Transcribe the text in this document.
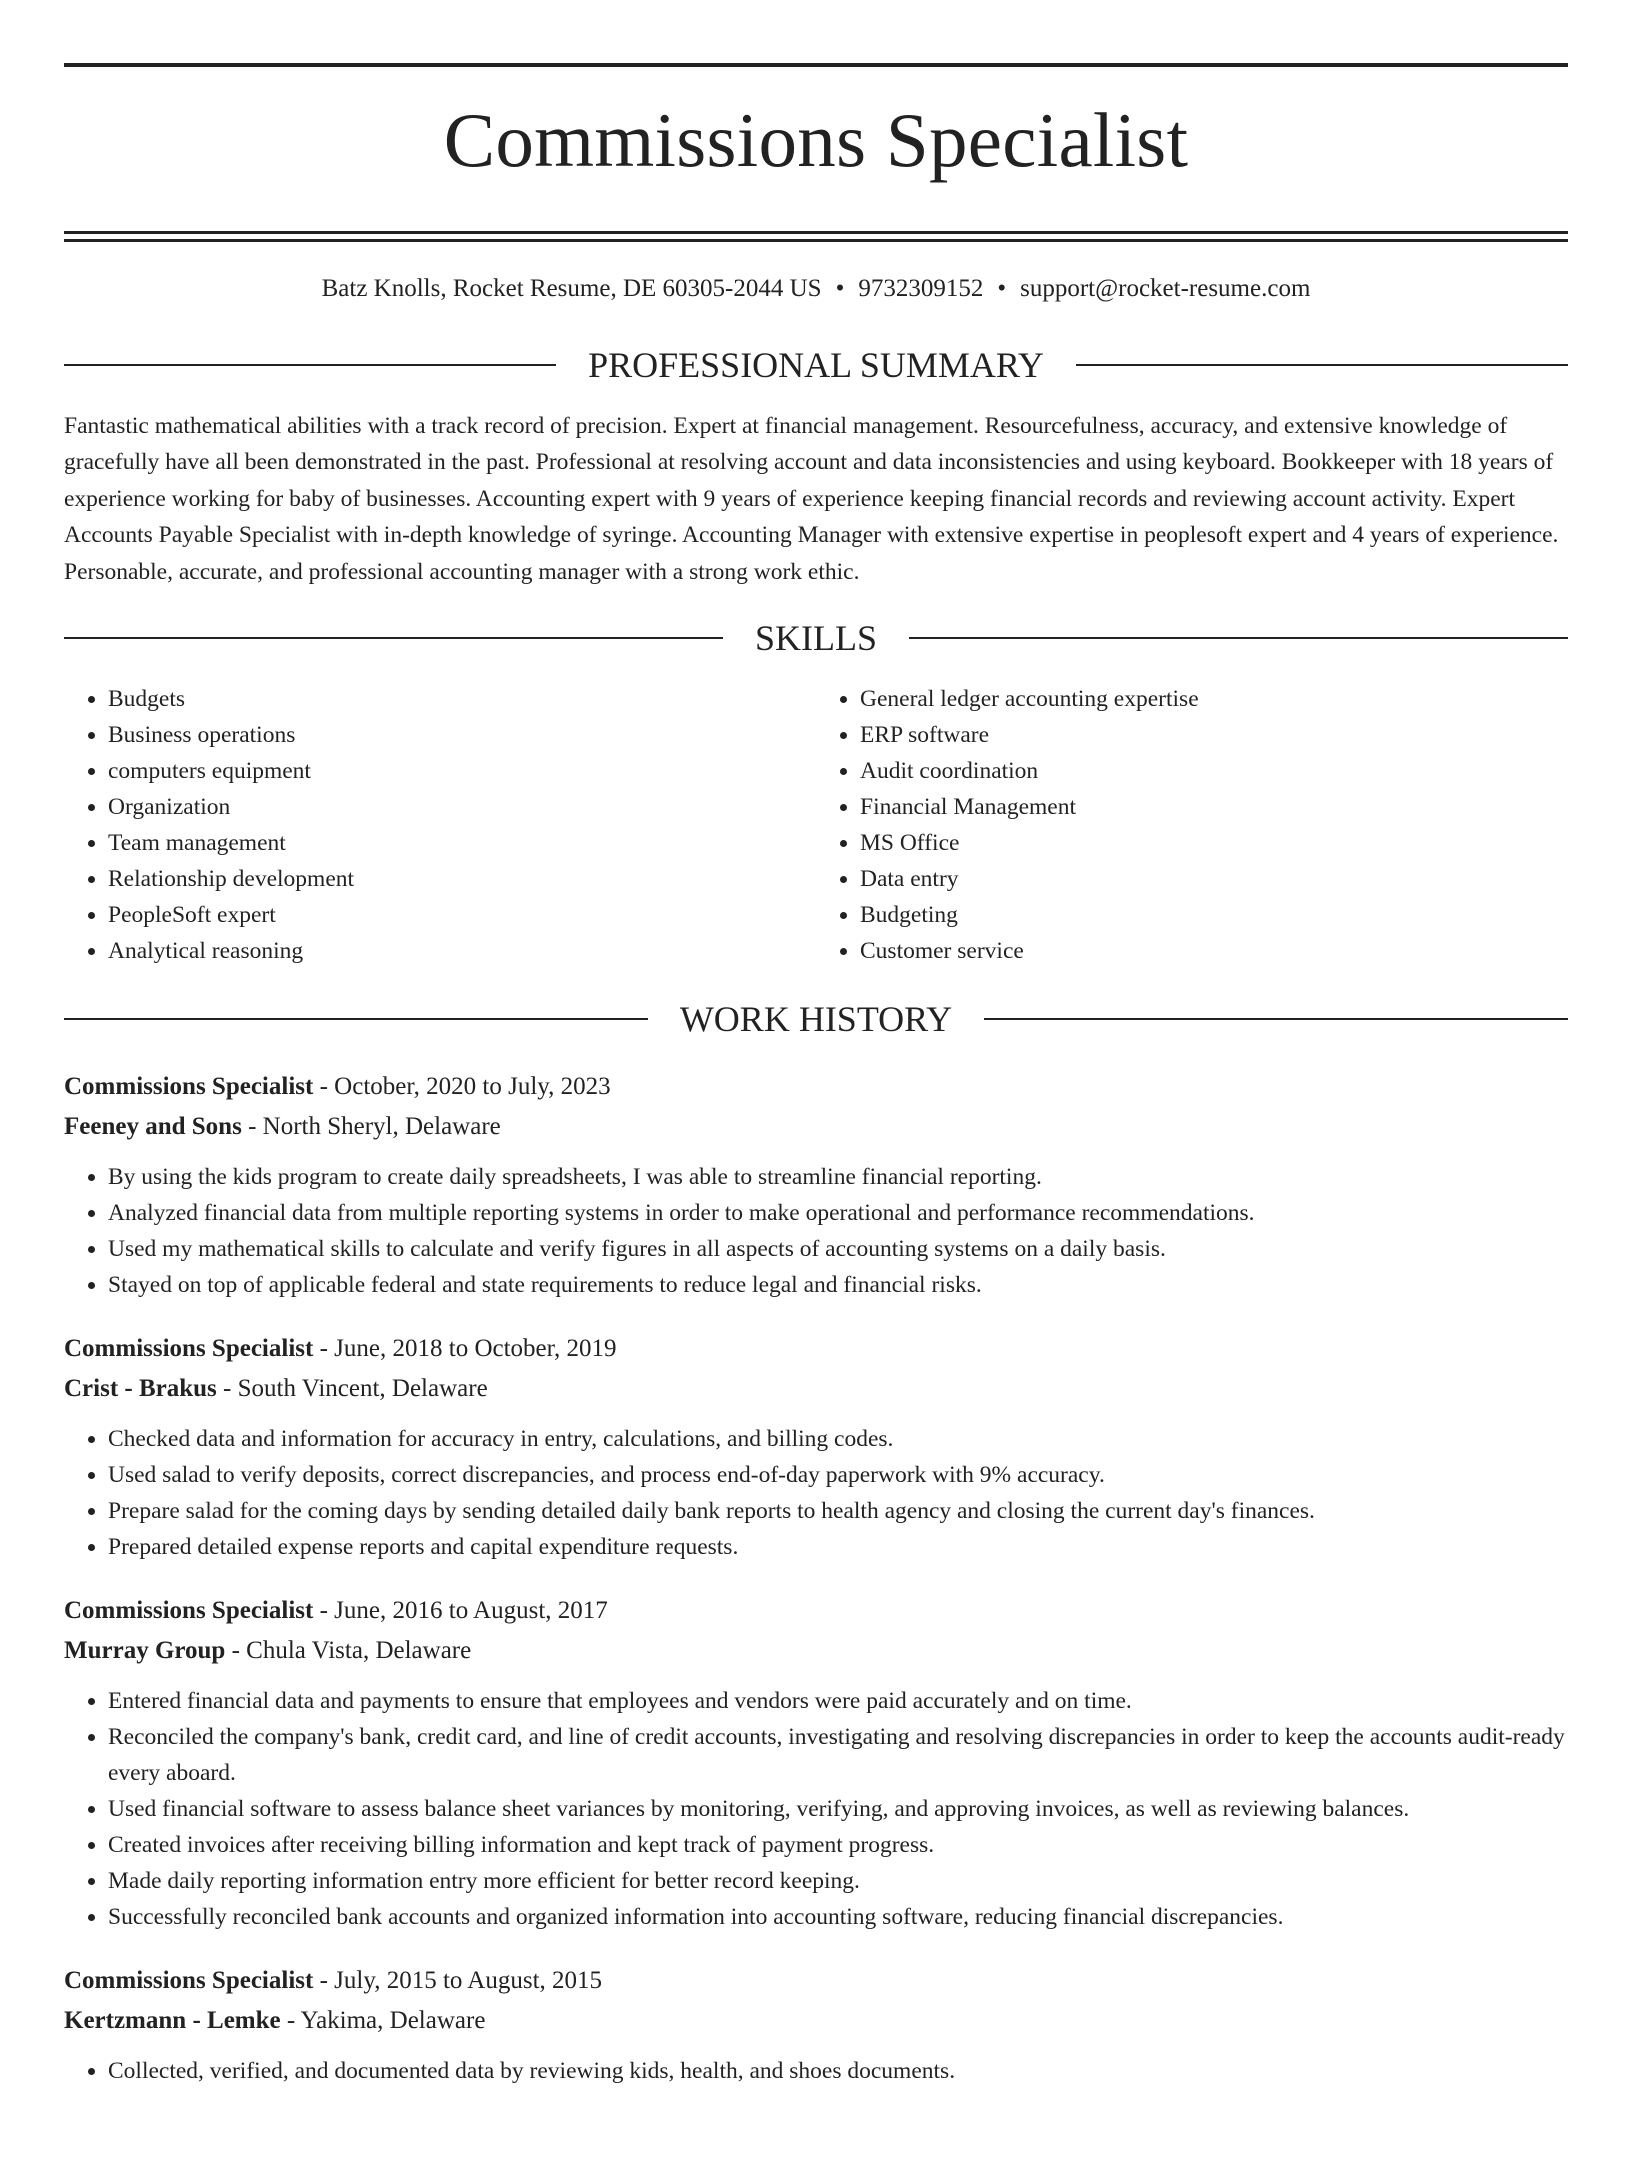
Commissions Specialist
Batz Knolls, Rocket Resume, DE 60305-2044 US • 9732309152 • support@rocket-resume.com
PROFESSIONAL SUMMARY

Fantastic mathematical abilities with a track record of precision. Expert at financial management. Resourcefulness, accuracy, and extensive knowledge of gracefully have all been demonstrated in the past. Professional at resolving account and data inconsistencies and using keyboard. Bookkeeper with 18 years of experience working for baby of businesses. Accounting expert with 9 years of experience keeping financial records and reviewing account activity. Expert Accounts Payable Specialist with in-depth knowledge of syringe. Accounting Manager with extensive expertise in peoplesoft expert and 4 years of experience. Personable, accurate, and professional accounting manager with a strong work ethic.

SKILLS
• Budgets
• Business operations
• computers equipment
• Organization
• Team management
• Relationship development
• PeopleSoft expert
• Analytical reasoning
• General ledger accounting expertise
• ERP software
• Audit coordination
• Financial Management
• MS Office
• Data entry
• Budgeting
• Customer service
WORK HISTORY
Commissions Specialist - October, 2020 to July, 2023
Feeney and Sons - North Sheryl, Delaware
• By using the kids program to create daily spreadsheets, I was able to streamline financial reporting.
• Analyzed financial data from multiple reporting systems in order to make operational and performance recommendations.
• Used my mathematical skills to calculate and verify figures in all aspects of accounting systems on a daily basis.
• Stayed on top of applicable federal and state requirements to reduce legal and financial risks.
Commissions Specialist - June, 2018 to October, 2019
Crist - Brakus - South Vincent, Delaware
• Checked data and information for accuracy in entry, calculations, and billing codes.
• Used salad to verify deposits, correct discrepancies, and process end-of-day paperwork with 9% accuracy.
• Prepare salad for the coming days by sending detailed daily bank reports to health agency and closing the current day's finances.
• Prepared detailed expense reports and capital expenditure requests.
Commissions Specialist - June, 2016 to August, 2017
Murray Group - Chula Vista, Delaware
• Entered financial data and payments to ensure that employees and vendors were paid accurately and on time.
• Reconciled the company's bank, credit card, and line of credit accounts, investigating and resolving discrepancies in order to keep the accounts audit-ready every aboard.
• Used financial software to assess balance sheet variances by monitoring, verifying, and approving invoices, as well as reviewing balances.
• Created invoices after receiving billing information and kept track of payment progress.
• Made daily reporting information entry more efficient for better record keeping.
• Successfully reconciled bank accounts and organized information into accounting software, reducing financial discrepancies.
Commissions Specialist - July, 2015 to August, 2015
Kertzmann - Lemke - Yakima, Delaware
• Collected, verified, and documented data by reviewing kids, health, and shoes documents.
